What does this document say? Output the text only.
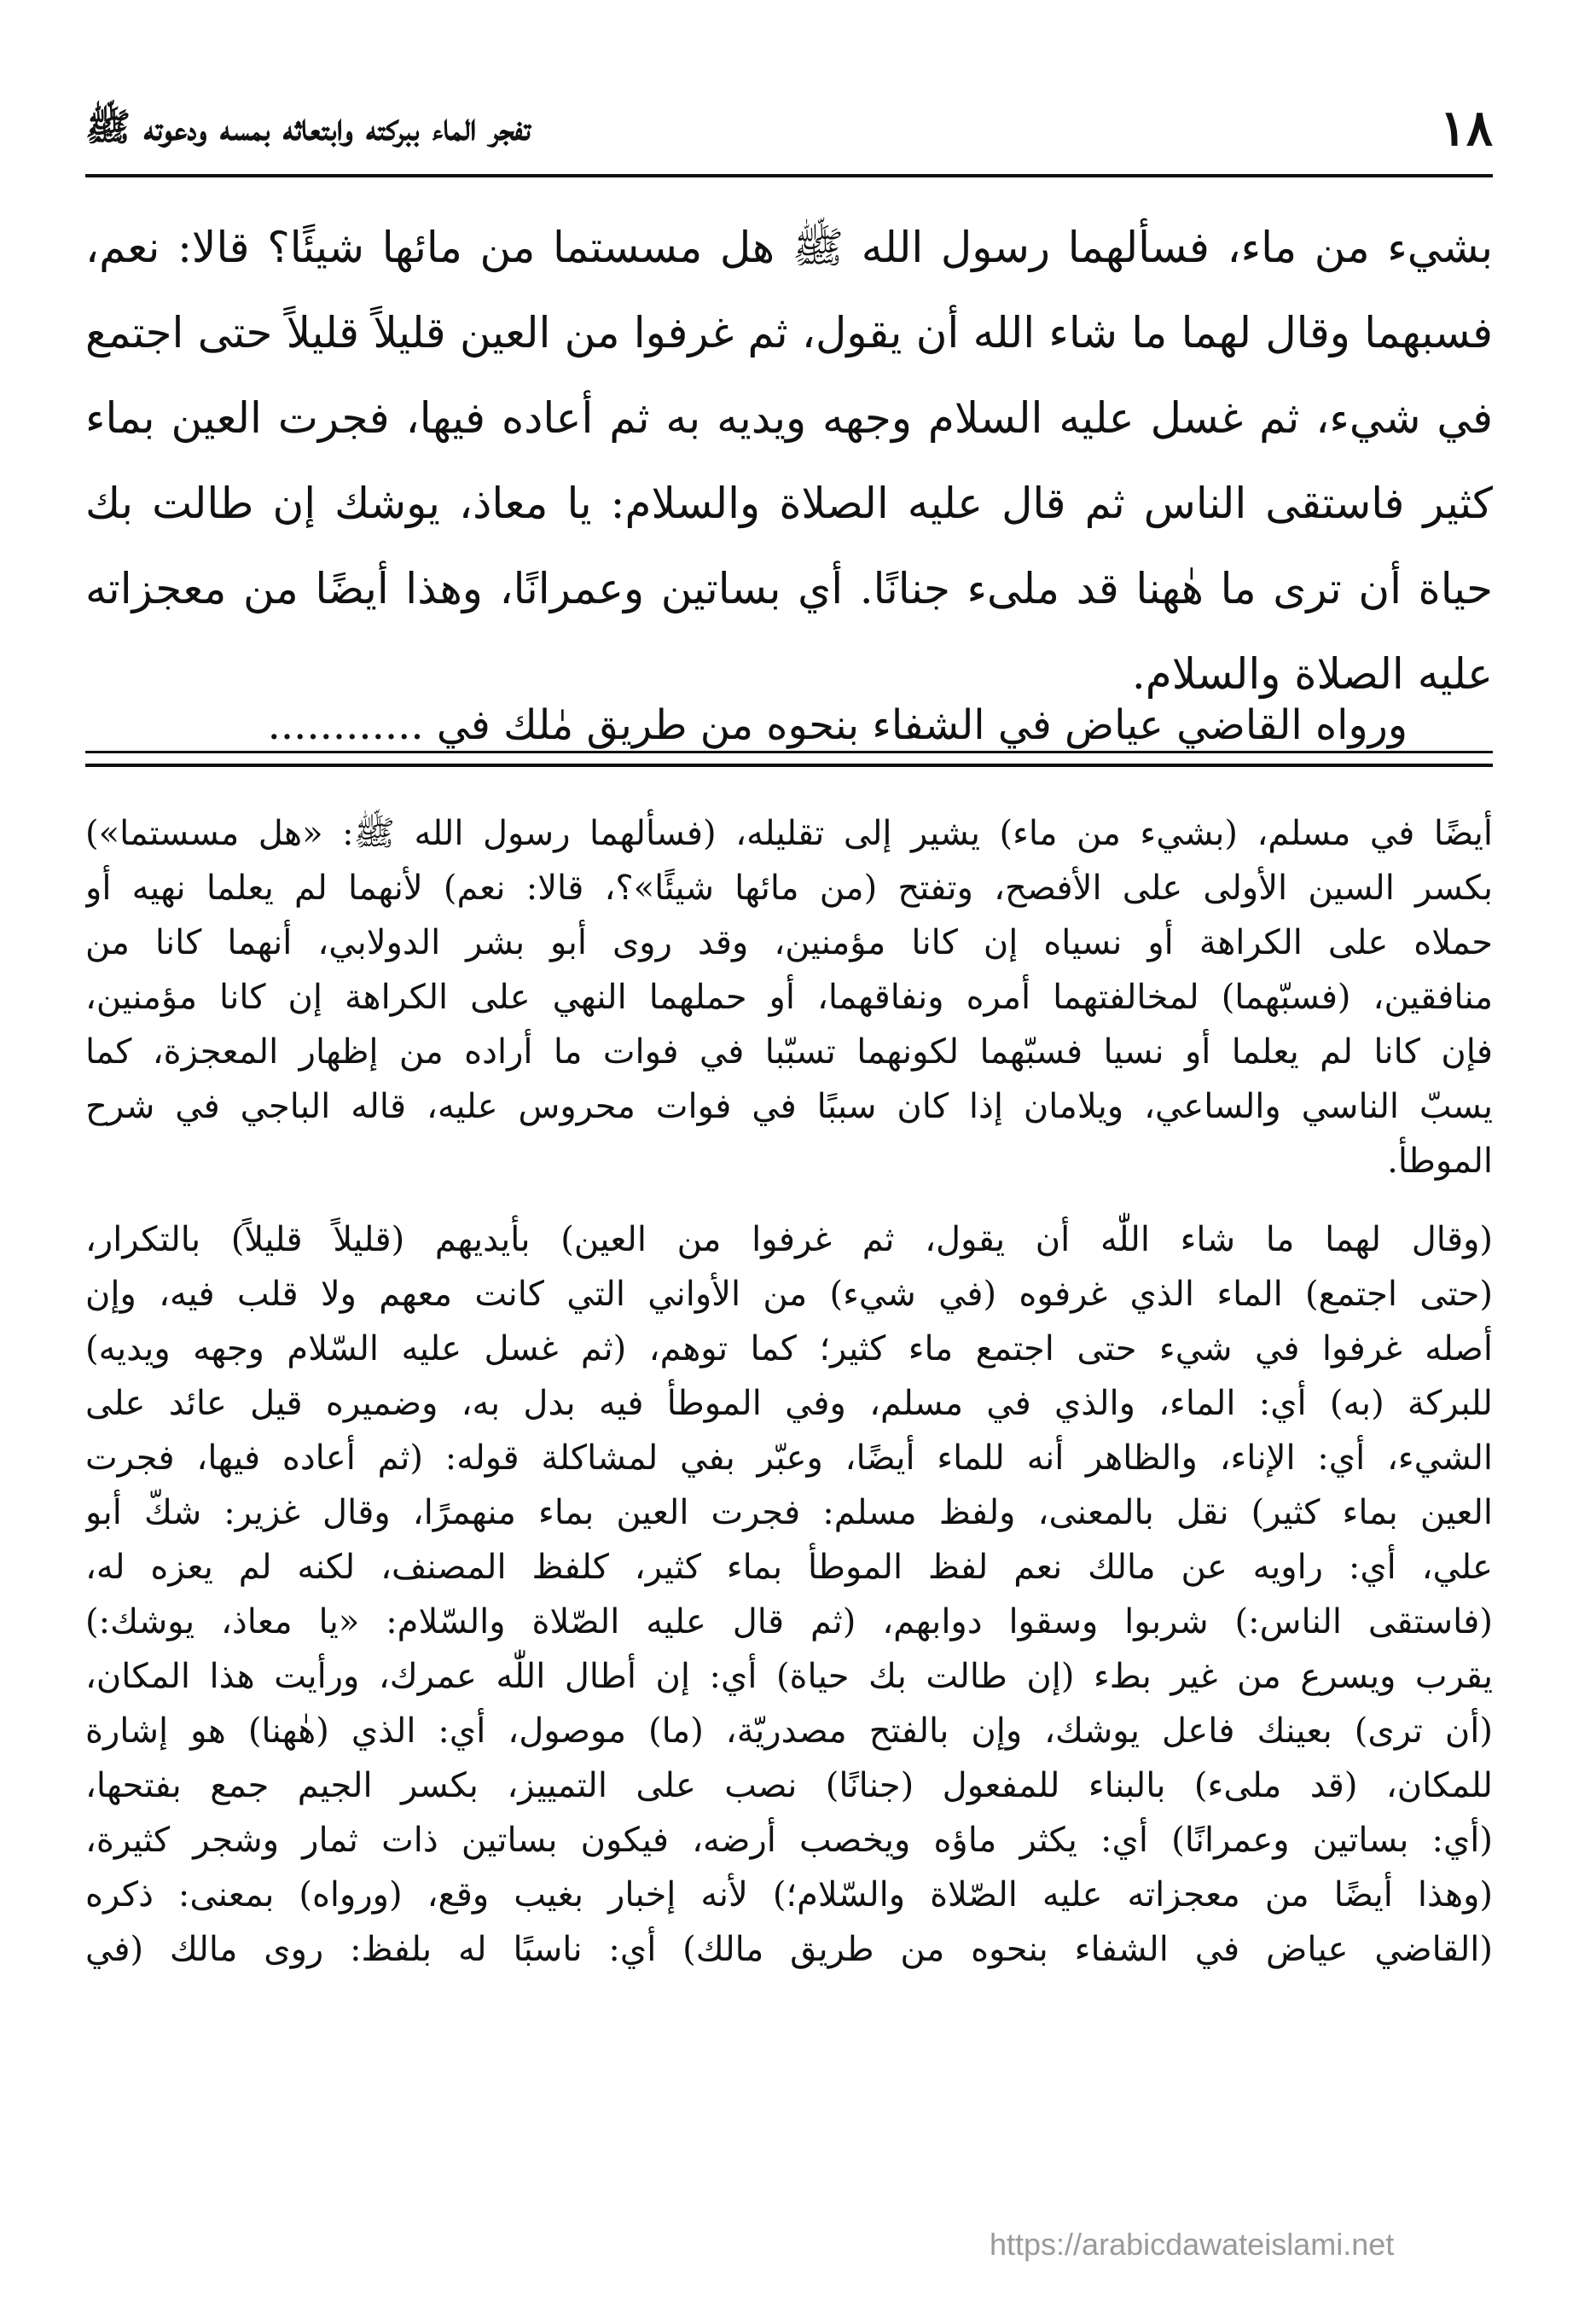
١٨
تفجر الماء ببركته وابتعاثه بمسه ودعوته ﷺ
بشيء من ماء، فسألهما رسول الله ﷺ هل مسستما من مائها شيئًا؟ قالا: نعم،
فسبهما وقال لهما ما شاء الله أن يقول، ثم غرفوا من العين قليلاً قليلاً حتى اجتمع
في شيء، ثم غسل عليه السلام وجهه ويديه به ثم أعاده فيها، فجرت العين بماء
كثير فاستقى الناس ثم قال عليه الصلاة والسلام: يا معاذ، يوشك إن طالت بك
حياة أن ترى ما هٰهنا قد ملىء جنانًا. أي بساتين وعمرانًا، وهذا أيضًا من معجزاته
عليه الصلاة والسلام.
ورواه القاضي عياض في الشفاء بنحوه من طريق مٰلك في ............
أيضًا في مسلم، (بشيء من ماء) يشير إلى تقليله، (فسألهما رسول الله ﷺ: «هل مسستما»)
بكسر السين الأولى على الأفصح، وتفتح (من مائها شيئًا»؟، قالا: نعم) لأنهما لم يعلما نهيه أو
حملاه على الكراهة أو نسياه إن كانا مؤمنين، وقد روى أبو بشر الدولابي، أنهما كانا من
منافقين، (فسبّهما) لمخالفتهما أمره ونفاقهما، أو حملهما النهي على الكراهة إن كانا مؤمنين،
فإن كانا لم يعلما أو نسيا فسبّهما لكونهما تسبّبا في فوات ما أراده من إظهار المعجزة، كما
يسبّ الناسي والساعي، ويلامان إذا كان سببًا في فوات محروس عليه، قاله الباجي في شرح
الموطأ.
(وقال لهما ما شاء اللّٰه أن يقول، ثم غرفوا من العين) بأيديهم (قليلاً قليلاً) بالتكرار،
(حتى اجتمع) الماء الذي غرفوه (في شيء) من الأواني التي كانت معهم ولا قلب فيه، وإن
أصله غرفوا في شيء حتى اجتمع ماء كثير؛ كما توهم، (ثم غسل عليه السّلام وجهه ويديه)
للبركة (به) أي: الماء، والذي في مسلم، وفي الموطأ فيه بدل به، وضميره قيل عائد على
الشيء، أي: الإناء، والظاهر أنه للماء أيضًا، وعبّر بفي لمشاكلة قوله: (ثم أعاده فيها، فجرت
العين بماء كثير) نقل بالمعنى، ولفظ مسلم: فجرت العين بماء منهمرًا، وقال غزير: شكّ أبو
علي، أي: راويه عن مالك نعم لفظ الموطأ بماء كثير، كلفظ المصنف، لكنه لم يعزه له،
(فاستقى الناس:) شربوا وسقوا دوابهم، (ثم قال عليه الصّلاة والسّلام: «يا معاذ، يوشك:)
يقرب ويسرع من غير بطء (إن طالت بك حياة) أي: إن أطال اللّٰه عمرك، ورأيت هذا المكان،
(أن ترى) بعينك فاعل يوشك، وإن بالفتح مصدريّة، (ما) موصول، أي: الذي (هٰهنا) هو إشارة
للمكان، (قد ملىء) بالبناء للمفعول (جنانًا) نصب على التمييز، بكسر الجيم جمع بفتحها،
(أي: بساتين وعمرانًا) أي: يكثر ماؤه ويخصب أرضه، فيكون بساتين ذات ثمار وشجر كثيرة،
(وهذا أيضًا من معجزاته عليه الصّلاة والسّلام؛) لأنه إخبار بغيب وقع، (ورواه) بمعنى: ذكره
(القاضي عياض في الشفاء بنحوه من طريق مالك) أي: ناسبًا له بلفظ: روى مالك (في
https://arabicdawateislami.net
